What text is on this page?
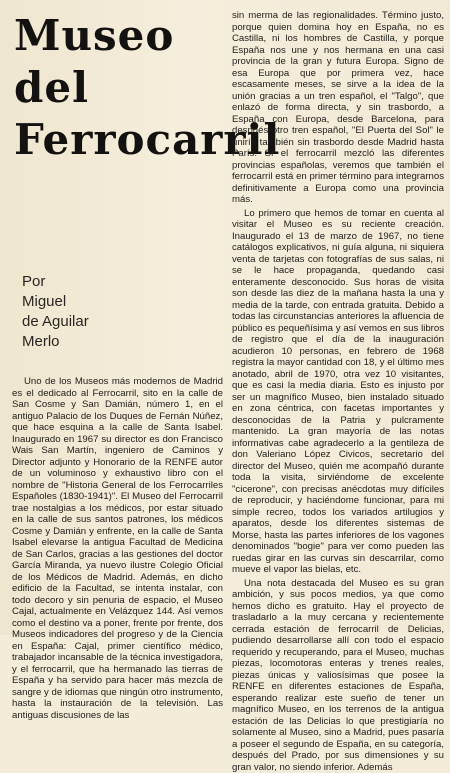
Museo
del
Ferrocarril
Por
Miguel
de Aguilar
Merlo

Uno de los Museos más modernos de Madrid es el dedicado al Ferrocarril, sito en la calle de San Cosme y San Damián, número 1, en el antiguo Palacio de los Duques de Fernán Núñez, que hace esquina a la calle de Santa Isabel. Inaugurado en 1967 su director es don Francisco Wais San Martín, ingeniero de Caminos y Director adjunto y Honorario de la RENFE autor de un voluminoso y exhaustivo libro con el nombre de "Historia General de los Ferrocarriles Españoles (1830-1941)". El Museo del Ferrocarril trae nostalgias a los médicos, por estar situado en la calle de sus santos patrones, los médicos Cosme y Damián y enfrente, en la calle de Santa Isabel elevarse la antigua Facultad de Medicina de San Carlos, gracias a las gestiones del doctor García Miranda, ya nuevo ilustre Colegio Oficial de los Médicos de Madrid. Además, en dicho edificio de la Facultad, se intenta instalar, con todo decoro y sin penuria de espacio, el Museo Cajal, actualmente en Velázquez 144. Así vemos como el destino va a poner, frente por frente, dos Museos indicadores del progreso y de la Ciencia en España: Cajal, primer científico médico, trabajador incansable de la técnica investigadora, y el ferrocarril, que ha hermanado las tierras de España y ha servido para hacer más mezcla de sangre y de idiomas que ningún otro instrumento, hasta la instauración de la televisión. Las antiguas discusiones de las

sin merma de las regionalidades. Término justo, porque quien domina hoy en España, no es Castilla, ni los hombres de Castilla, y porque España nos une y nos hermana en una casi provincia de la gran y futura Europa. Signo de esa Europa que por primera vez, hace escasamente meses, se sirve a la idea de la unión gracias a un tren español, el "Talgo", que enlazó de forma directa, y sin trasbordo, a España con Europa, desde Barcelona, para después otro tren español, "El Puerta del Sol" le uniría también sin trasbordo desde Madrid hasta París. Si el ferrocarril mezcló las diferentes provincias españolas, veremos que también el ferrocarril está en primer término para integrarnos definitivamente a Europa como una provincia más.

Lo primero que hemos de tomar en cuenta al visitar el Museo es su reciente creación. Inaugurado el 13 de marzo de 1967, no tiene catálogos explicativos, ni guía alguna, ni siquiera venta de tarjetas con fotografías de sus salas, ni se le hace propaganda, quedando casi enteramente desconocido. Sus horas de visita son desde las diez de la mañana hasta la una y media de la tarde, con entrada gratuita. Debido a todas las circunstancias anteriores la afluencia de público es pequeñísima y así vemos en sus libros de registro que el día de la inauguración acudieron 10 personas, en febrero de 1968 registra la mayor cantidad con 18, y el último mes anotado, abril de 1970, otra vez 10 visitantes, que es casi la media diaria. Esto es injusto por ser un magnífico Museo, bien instalado situado en zona céntrica, con facetas importantes y desconocidas de la Patria y pulcramente mantenido. La gran mayoría de las notas informativas cabe agradecerlo a la gentileza de don Valeriano López Civicos, secretario del director del Museo, quién me acompañó durante toda la visita, sirviéndome de excelente "cicerone", con precisas anécdotas muy difíciles de reproducir, y haciéndome funcionar, para mi simple recreo, todos los variados artilugios y aparatos, desde los diferentes sistemas de Morse, hasta las partes inferiores de los vagones denominados "bogie" para ver como pueden las ruedas girar en las curvas sin descarrilar, como mueve el vapor las bielas, etc.

Una nota destacada del Museo es su gran ambición, y sus pocos medios, ya que como hemos dicho es gratuito. Hay el proyecto de trasladarlo a la muy cercana y recientemente cerrada estación de ferrocarril de Delicias, pudiendo desarrollarse allí con todo el espacio requerido y recuperando, para el Museo, muchas piezas, locomotoras enteras y trenes reales, piezas únicas y valiosísimas que posee la RENFE en diferentes estaciones de España, esperando realizar este sueño de tener un magnífico Museo, en los terrenos de la antigua estación de las Delicias lo que prestigiaría no solamente al Museo, sino a Madrid, pues pasaría a poseer el segundo de España, en su categoría, después del Prado, por sus dimensiones y su gran valor, no siendo inferior. Además
